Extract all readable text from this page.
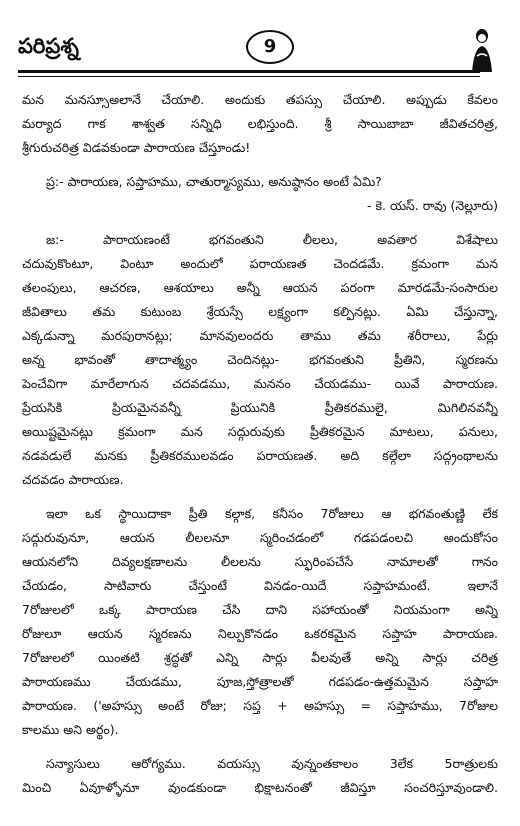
పరిప్రశ్న	9
మన మనస్సూఅలానే చేయాలి. అందుకు తపస్సు చేయాలి. అప్పుడు కేవలం
మర్యాద గాక శాశ్వత సన్నిధి లభిస్తుంది. శ్రీ సాయిబాబా జీవితచరిత్ర,
శ్రీగురుచరిత్ర విడవకుండా పారాయణ చేస్తూండు!
ప్ర:- పారాయణ, సప్తాహము, చాతుర్మాస్యము, అనుష్ఠానం అంటే ఏమి?
- కె. యస్. రావు (నెల్లూరు)
జ:- పారాయణంటే భగవంతుని లీలలు, అవతార విశేషాలు
చదువుకొంటూ, వింటూ అందులో పరాయణత చెందడమే. క్రమంగా మన
తలంపులు, ఆచరణ, ఆశయాలు అన్నీ ఆయన పరంగా మారడమే-సంసారుల
జీవితాలు తమ కుటుంబ శ్రేయస్సే లక్ష్యంగా కల్పినట్లు. ఏమి చేస్తున్నా,
ఎక్కడున్నా మరపురానట్లు; మానవులందరు తాము తమ శరీరాలు, పేర్లు
అన్న భావంతో తాదాత్మ్యం చెందినట్లు- భగవంతుని ప్రీతిని, స్మరణను
పెంచేవిగా మారేలాగున చదవడము, మననం చేయడము- యివే పారాయణ.
ప్రేయసికి ప్రియమైనవన్నీ ప్రియునికి ప్రీతికరములై, మిగిలినవన్నీ
అయిష్టమైనట్లు క్రమంగా మన సద్గురువుకు ప్రీతికరమైన మాటలు, పనులు,
నడవడులే మనకు ప్రీతికరములవడం పరాయణత. అది కల్గేలా సద్గ్రంథాలను
చదవడం పారాయణ.
ఇలా ఒక స్థాయిదాకా ప్రీతి కల్గాక, కనీసం 7రోజులు ఆ భగవంతుణ్ణి లేక
సద్గురువునూ, ఆయన లీలలనూ స్మరించడంలో గడపడంలచి అందుకోసం
ఆయనలోని దివ్యలక్షణాలను లీలలను స్ఫురింపచేసే నామాలతో గానం
చేయడం, సాటివారు చేస్తుంటే వినడం-యిదే సప్తాహమంటే. ఇలానే
7రోజులలో ఒక్క పారాయణ చేసి దాని సహాయంతో నియమంగా అన్ని
రోజులూ ఆయన స్మరణను నిల్పుకొనడం ఒకరకమైన సప్తాహ పారాయణ.
7రోజులలో యింతటి శ్రద్ధతో ఎన్ని సార్లు వీలవుతే అన్ని సార్లు చరిత్ర
పారాయణము చేయడము, పూజ,స్తోత్రాలతో గడపడం-ఉత్తమమైన సప్తాహ
పారాయణ. ('అహస్సు అంటే రోజు; సప్త + అహస్సు = సప్తాహము, 7రోజుల
కాలము అని అర్థం).
సన్యాసులు ఆరోగ్యము. వయస్సు వున్నంతకాలం 3లేక 5రాత్రులకు
మించి ఏవూళ్ళోనూ వుండకుండా భిక్షాటనంతో జీవిస్తూ సంచరిస్తూవుండాలి.
